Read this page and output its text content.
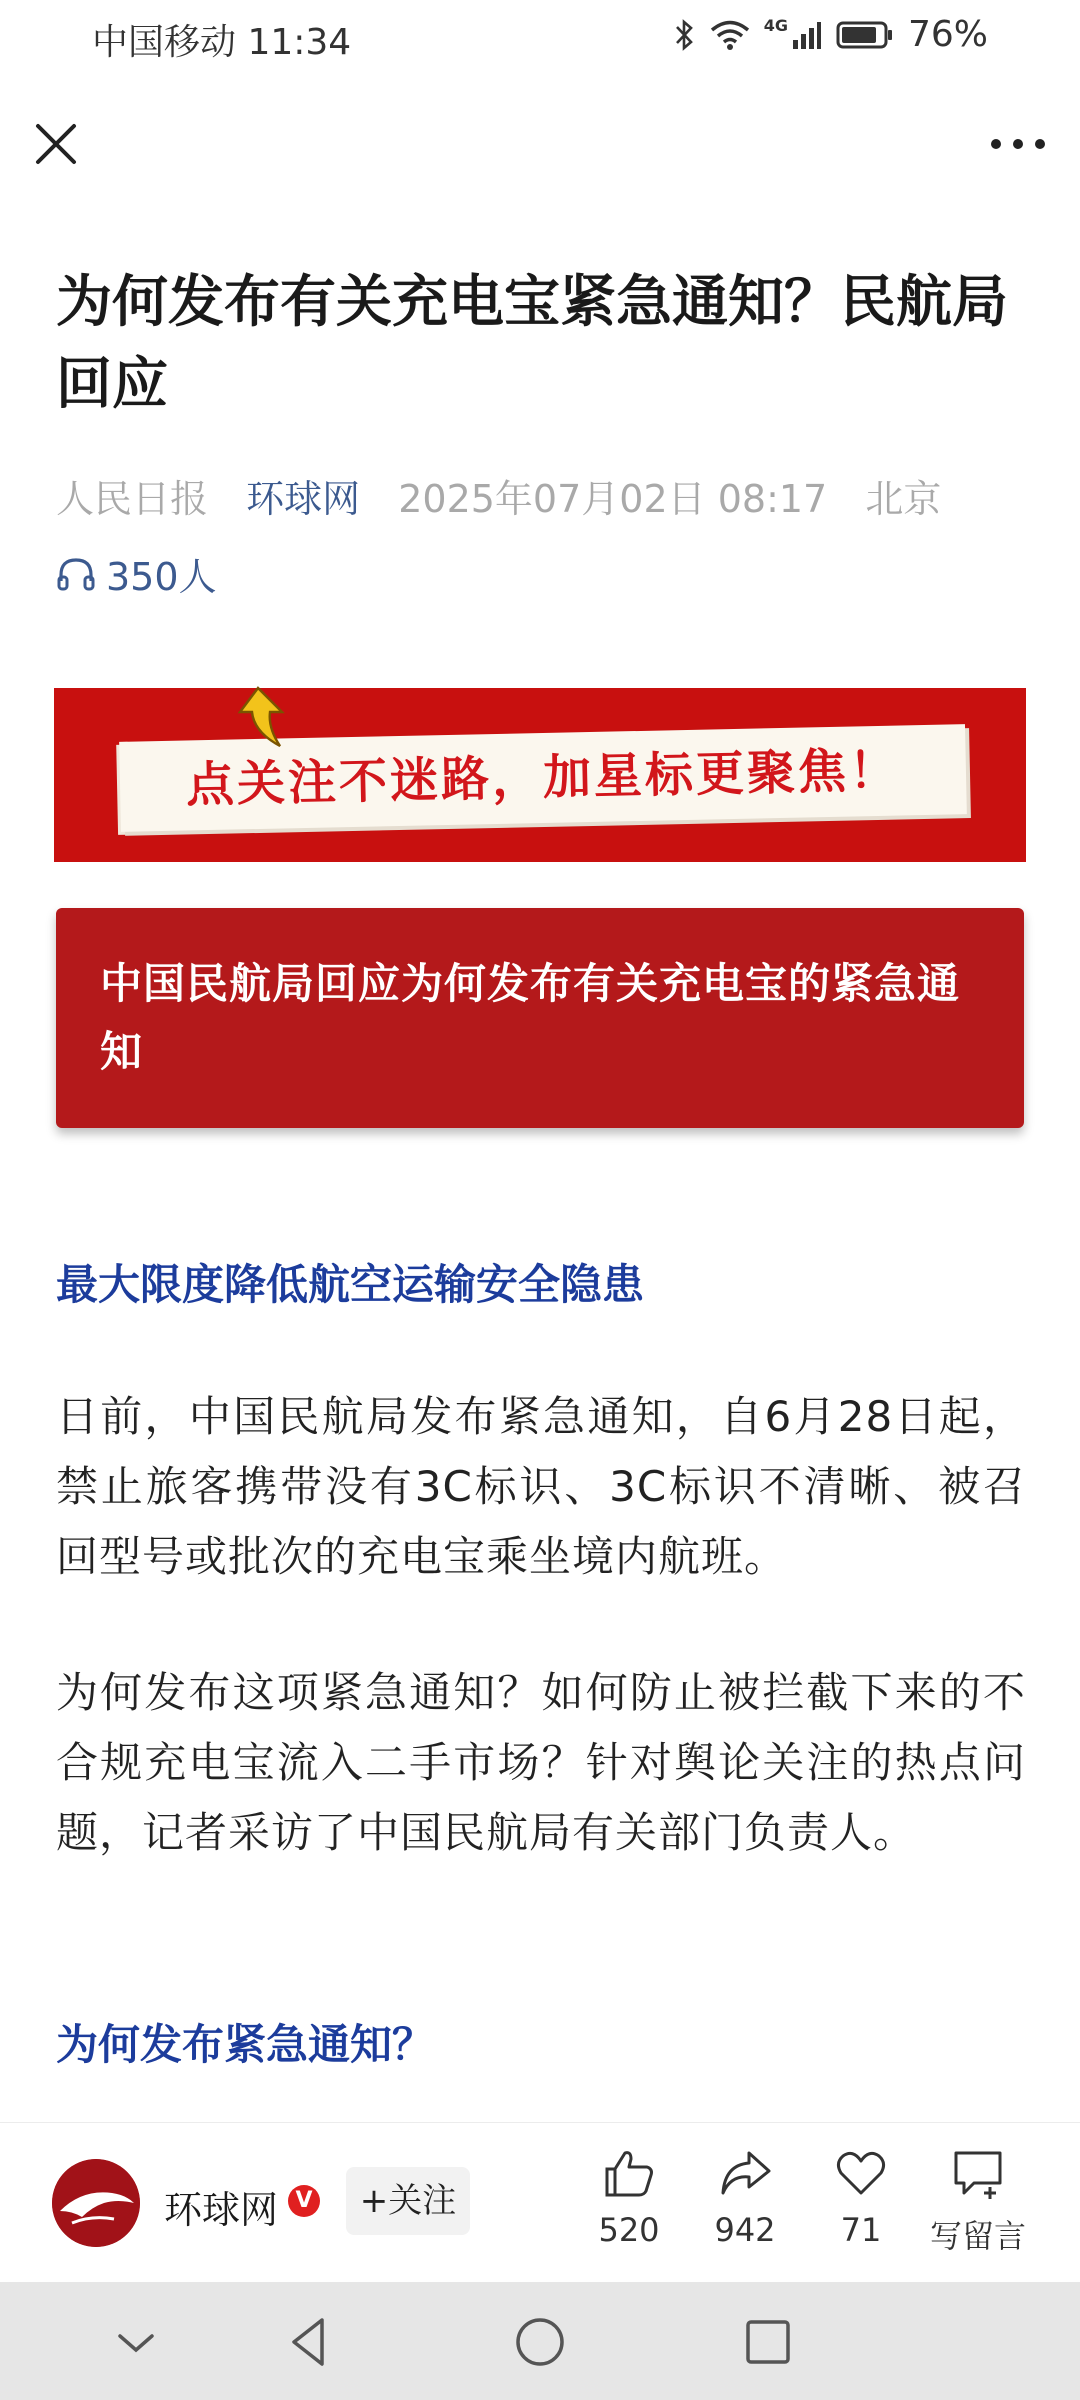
中国移动 11:34	4G	76%
为何发布有关充电宝紧急通知？民航局回应
人民日报 环球网 2025年07月02日 08:17 北京
350人
点关注不迷路，加星标更聚焦！
中国民航局回应为何发布有关充电宝的紧急通知
最大限度降低航空运输安全隐患
日前，中国民航局发布紧急通知，自6月28日起，禁止旅客携带没有3C标识、3C标识不清晰、被召回型号或批次的充电宝乘坐境内航班。
为何发布这项紧急通知？如何防止被拦截下来的不合规充电宝流入二手市场？针对舆论关注的热点问题，记者采访了中国民航局有关部门负责人。
为何发布紧急通知？
环球网 V	+关注
520	942	71	写留言
